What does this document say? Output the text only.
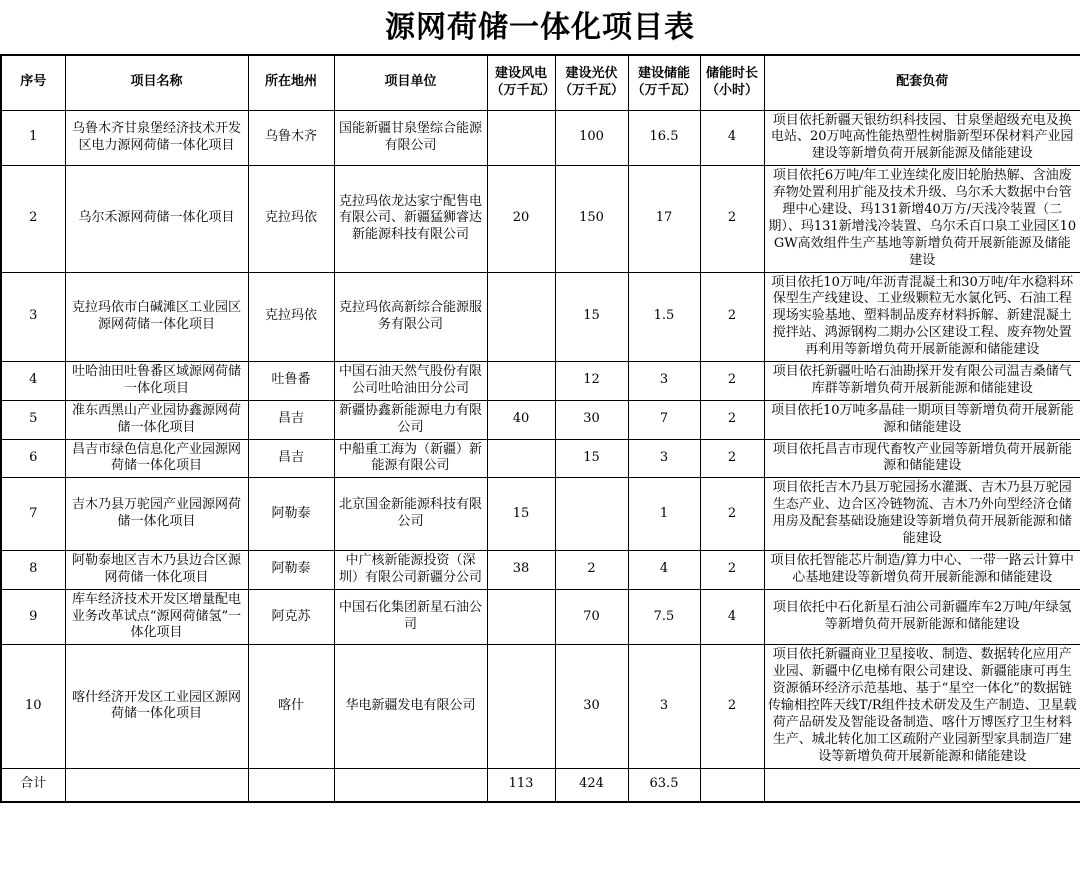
源网荷储一体化项目表
序号	项目名称	所在地州	项目单位	建设风电（万千瓦）	建设光伏（万千瓦）	建设储能（万千瓦）	储能时长（小时）	配套负荷
1	乌鲁木齐甘泉堡经济技术开发区电力源网荷储一体化项目	乌鲁木齐	国能新疆甘泉堡综合能源有限公司		100	16.5	4	项目依托新疆天银纺织科技园、甘泉堡超级充电及换电站、20万吨高性能热塑性树脂新型环保材料产业园建设等新增负荷开展新能源及储能建设
2	乌尔禾源网荷储一体化项目	克拉玛依	克拉玛依龙达家宁配售电有限公司、新疆猛狮睿达新能源科技有限公司	20	150	17	2	项目依托6万吨/年工业连续化废旧轮胎热解、含油废弃物处置利用扩能及技术升级、乌尔禾大数据中台管理中心建设、玛131新增40万方/天浅冷装置（二期）、玛131新增浅冷装置、乌尔禾百口泉工业园区10GW高效组件生产基地等新增负荷开展新能源及储能建设
3	克拉玛依市白碱滩区工业园区源网荷储一体化项目	克拉玛依	克拉玛依高新综合能源服务有限公司		15	1.5	2	项目依托10万吨/年沥青混凝土和30万吨/年水稳料环保型生产线建设、工业级颗粒无水氯化钙、石油工程现场实验基地、塑料制品废弃材料拆解、新建混凝土搅拌站、鸿源钢构二期办公区建设工程、废弃物处置再利用等新增负荷开展新能源和储能建设
4	吐哈油田吐鲁番区域源网荷储一体化项目	吐鲁番	中国石油天然气股份有限公司吐哈油田分公司		12	3	2	项目依托新疆吐哈石油勘探开发有限公司温吉桑储气库群等新增负荷开展新能源和储能建设
5	准东西黑山产业园协鑫源网荷储一体化项目	昌吉	新疆协鑫新能源电力有限公司	40	30	7	2	项目依托10万吨多晶硅一期项目等新增负荷开展新能源和储能建设
6	昌吉市绿色信息化产业园源网荷储一体化项目	昌吉	中船重工海为（新疆）新能源有限公司		15	3	2	项目依托昌吉市现代畜牧产业园等新增负荷开展新能源和储能建设
7	吉木乃县万驼园产业园源网荷储一体化项目	阿勒泰	北京国金新能源科技有限公司	15		1	2	项目依托吉木乃县万驼园扬水灌溉、吉木乃县万驼园生态产业、边合区冷链物流、吉木乃外向型经济仓储用房及配套基础设施建设等新增负荷开展新能源和储能建设
8	阿勒泰地区吉木乃县边合区源网荷储一体化项目	阿勒泰	中广核新能源投资（深圳）有限公司新疆分公司	38	2	4	2	项目依托智能芯片制造/算力中心、一带一路云计算中心基地建设等新增负荷开展新能源和储能建设
9	库车经济技术开发区增量配电业务改革试点“源网荷储氢”一体化项目	阿克苏	中国石化集团新星石油公司		70	7.5	4	项目依托中石化新星石油公司新疆库车2万吨/年绿氢等新增负荷开展新能源和储能建设
10	喀什经济开发区工业园区源网荷储一体化项目	喀什	华电新疆发电有限公司		30	3	2	项目依托新疆商业卫星接收、制造、数据转化应用产业园、新疆中亿电梯有限公司建设、新疆能康可再生资源循环经济示范基地、基于“星空一体化”的数据链传输相控阵天线T/R组件技术研发及生产制造、卫星载荷产品研发及智能设备制造、喀什万博医疗卫生材料生产、城北转化加工区疏附产业园新型家具制造厂建设等新增负荷开展新能源和储能建设
合计				113	424	63.5		
